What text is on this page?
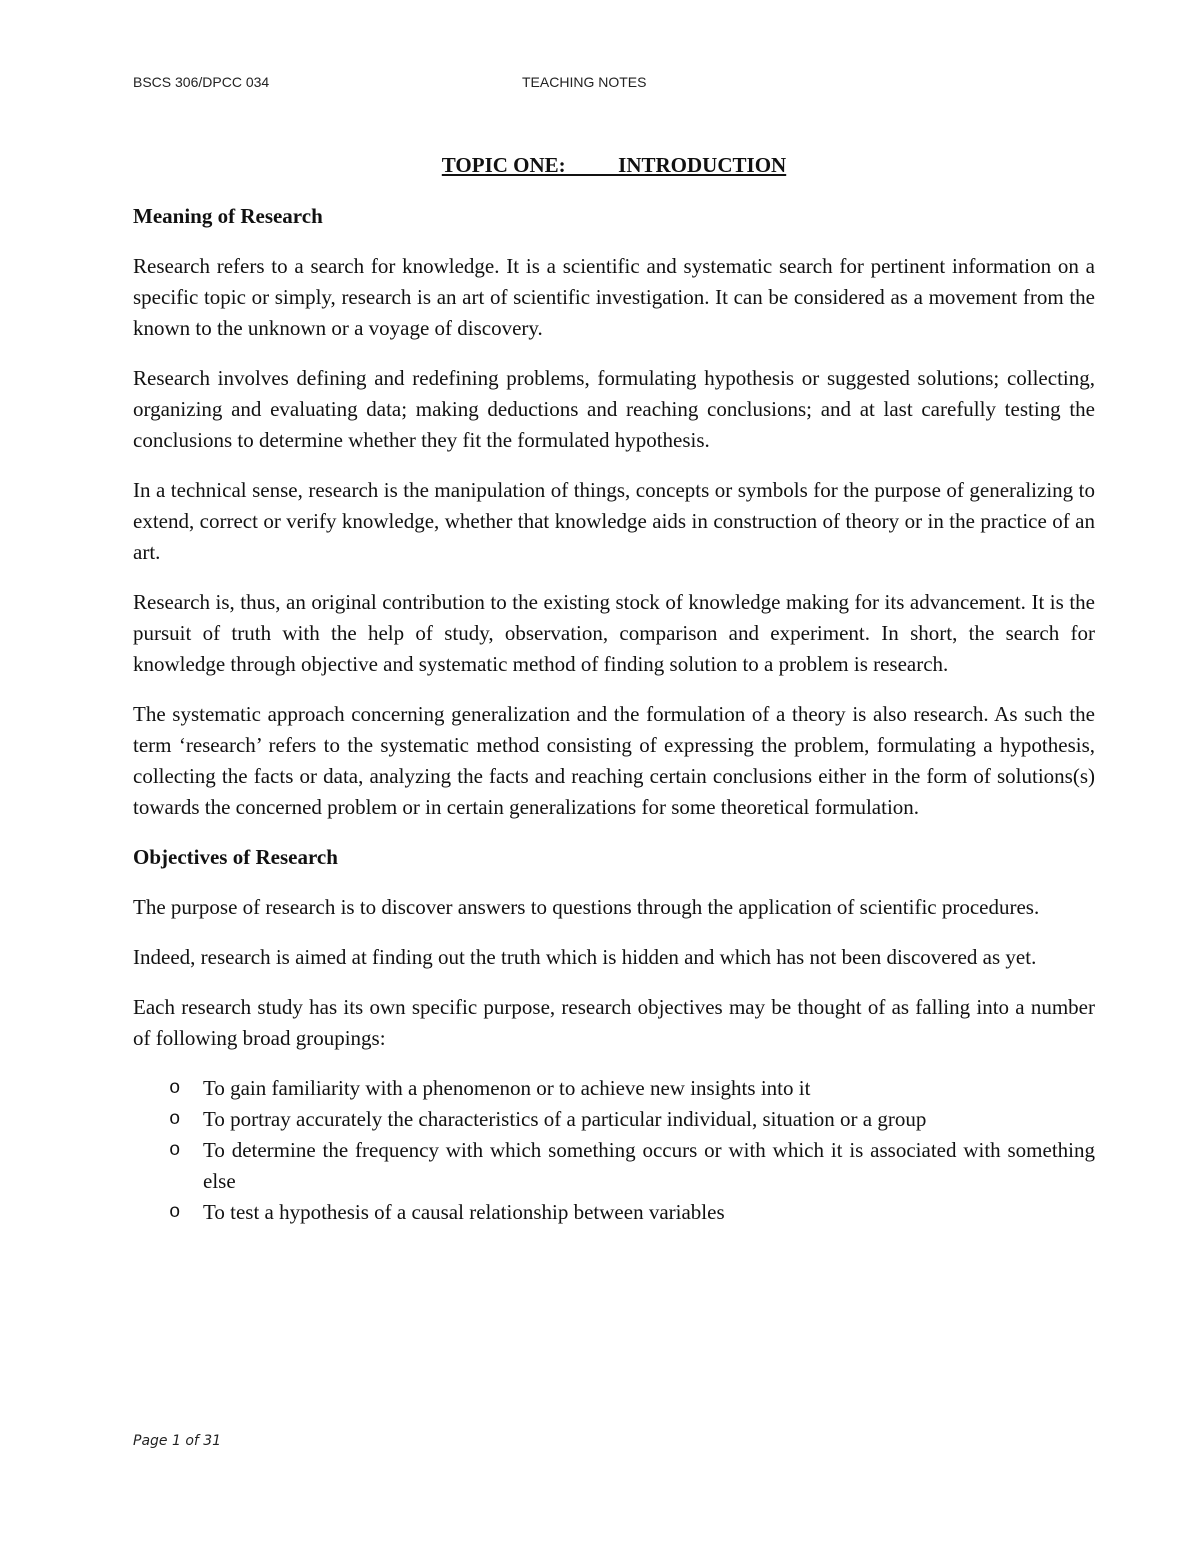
BSCS 306/DPCC 034	TEACHING NOTES
TOPIC ONE:          INTRODUCTION
Meaning of Research

Research refers to a search for knowledge. It is a scientific and systematic search for pertinent information on a specific topic or simply, research is an art of scientific investigation. It can be considered as a movement from the known to the unknown or a voyage of discovery.

Research involves defining and redefining problems, formulating hypothesis or suggested solutions; collecting, organizing and evaluating data; making deductions and reaching conclusions; and at last carefully testing the conclusions to determine whether they fit the formulated hypothesis.

In a technical sense, research is the manipulation of things, concepts or symbols for the purpose of generalizing to extend, correct or verify knowledge, whether that knowledge aids in construction of theory or in the practice of an art.

Research is, thus, an original contribution to the existing stock of knowledge making for its advancement. It is the pursuit of truth with the help of study, observation, comparison and experiment. In short, the search for knowledge through objective and systematic method of finding solution to a problem is research.

The systematic approach concerning generalization and the formulation of a theory is also research. As such the term ‘research’ refers to the systematic method consisting of expressing the problem, formulating a hypothesis, collecting the facts or data, analyzing the facts and reaching certain conclusions either in the form of solutions(s) towards the concerned problem or in certain generalizations for some theoretical formulation.

Objectives of Research

The purpose of research is to discover answers to questions through the application of scientific procedures.

Indeed, research is aimed at finding out the truth which is hidden and which has not been discovered as yet.

Each research study has its own specific purpose, research objectives may be thought of as falling into a number of following broad groupings:

o To gain familiarity with a phenomenon or to achieve new insights into it
o To portray accurately the characteristics of a particular individual, situation or a group
o To determine the frequency with which something occurs or with which it is associated with something else
o To test a hypothesis of a causal relationship between variables
Page 1 of 31
